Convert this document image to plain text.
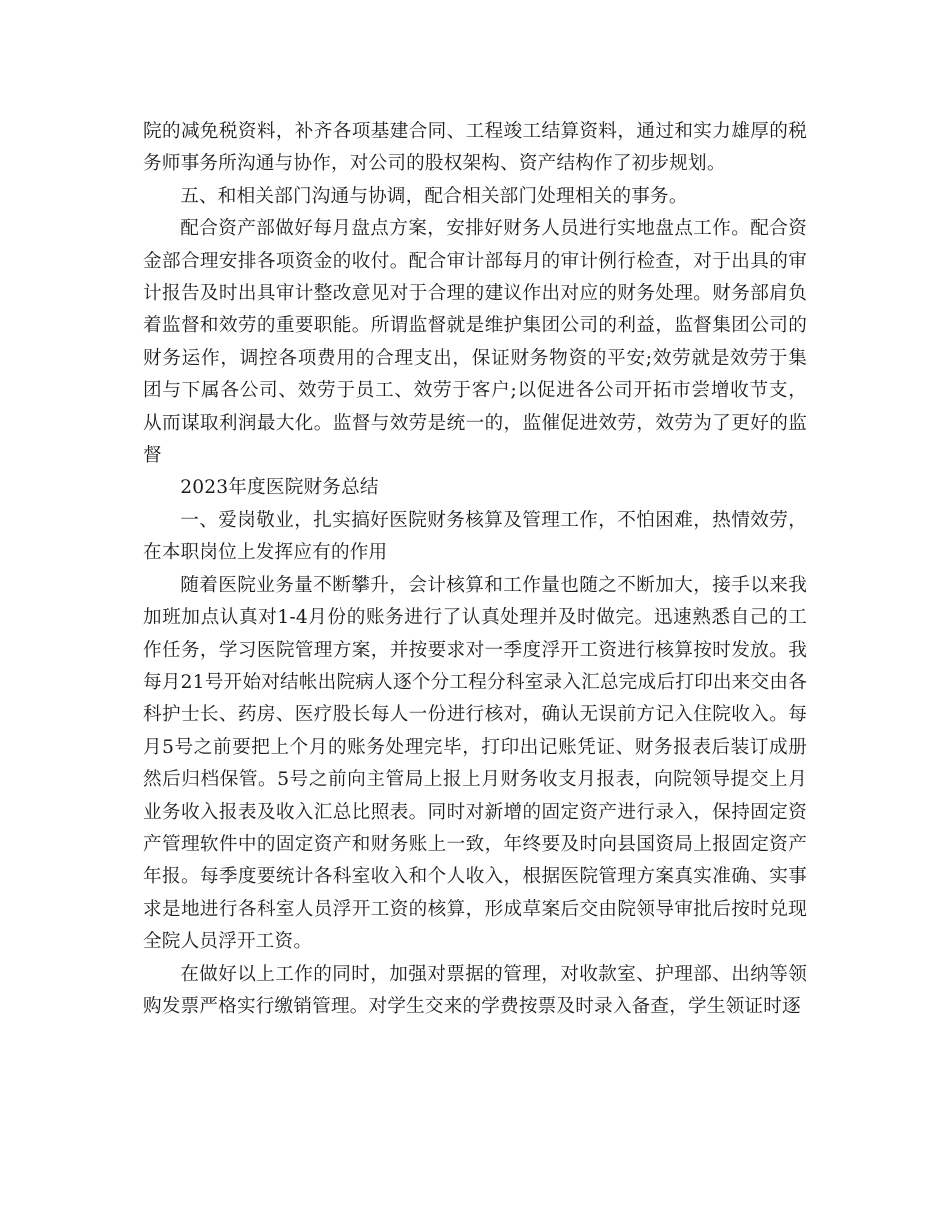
院的减免税资料，补齐各项基建合同、工程竣工结算资料，通过和实力雄厚的税务师事务所沟通与协作，对公司的股权架构、资产结构作了初步规划。

五、和相关部门沟通与协调，配合相关部门处理相关的事务。

配合资产部做好每月盘点方案，安排好财务人员进行实地盘点工作。配合资金部合理安排各项资金的收付。配合审计部每月的审计例行检查，对于出具的审计报告及时出具审计整改意见对于合理的建议作出对应的财务处理。财务部肩负着监督和效劳的重要职能。所谓监督就是维护集团公司的利益，监督集团公司的财务运作，调控各项费用的合理支出，保证财务物资的平安;效劳就是效劳于集团与下属各公司、效劳于员工、效劳于客户;以促进各公司开拓市尝增收节支，从而谋取利润最大化。监督与效劳是统一的，监催促进效劳，效劳为了更好的监督

2023年度医院财务总结

一、爱岗敬业，扎实搞好医院财务核算及管理工作，不怕困难，热情效劳，在本职岗位上发挥应有的作用

随着医院业务量不断攀升，会计核算和工作量也随之不断加大，接手以来我加班加点认真对1-4月份的账务进行了认真处理并及时做完。迅速熟悉自己的工作任务，学习医院管理方案，并按要求对一季度浮开工资进行核算按时发放。我每月21号开始对结帐出院病人逐个分工程分科室录入汇总完成后打印出来交由各科护士长、药房、医疗股长每人一份进行核对，确认无误前方记入住院收入。每月5号之前要把上个月的账务处理完毕，打印出记账凭证、财务报表后装订成册然后归档保管。5号之前向主管局上报上月财务收支月报表，向院领导提交上月业务收入报表及收入汇总比照表。同时对新增的固定资产进行录入，保持固定资产管理软件中的固定资产和财务账上一致，年终要及时向县国资局上报固定资产年报。每季度要统计各科室收入和个人收入，根据医院管理方案真实准确、实事求是地进行各科室人员浮开工资的核算，形成草案后交由院领导审批后按时兑现全院人员浮开工资。

在做好以上工作的同时，加强对票据的管理，对收款室、护理部、出纳等领购发票严格实行缴销管理。对学生交来的学费按票及时录入备查，学生领证时逐
